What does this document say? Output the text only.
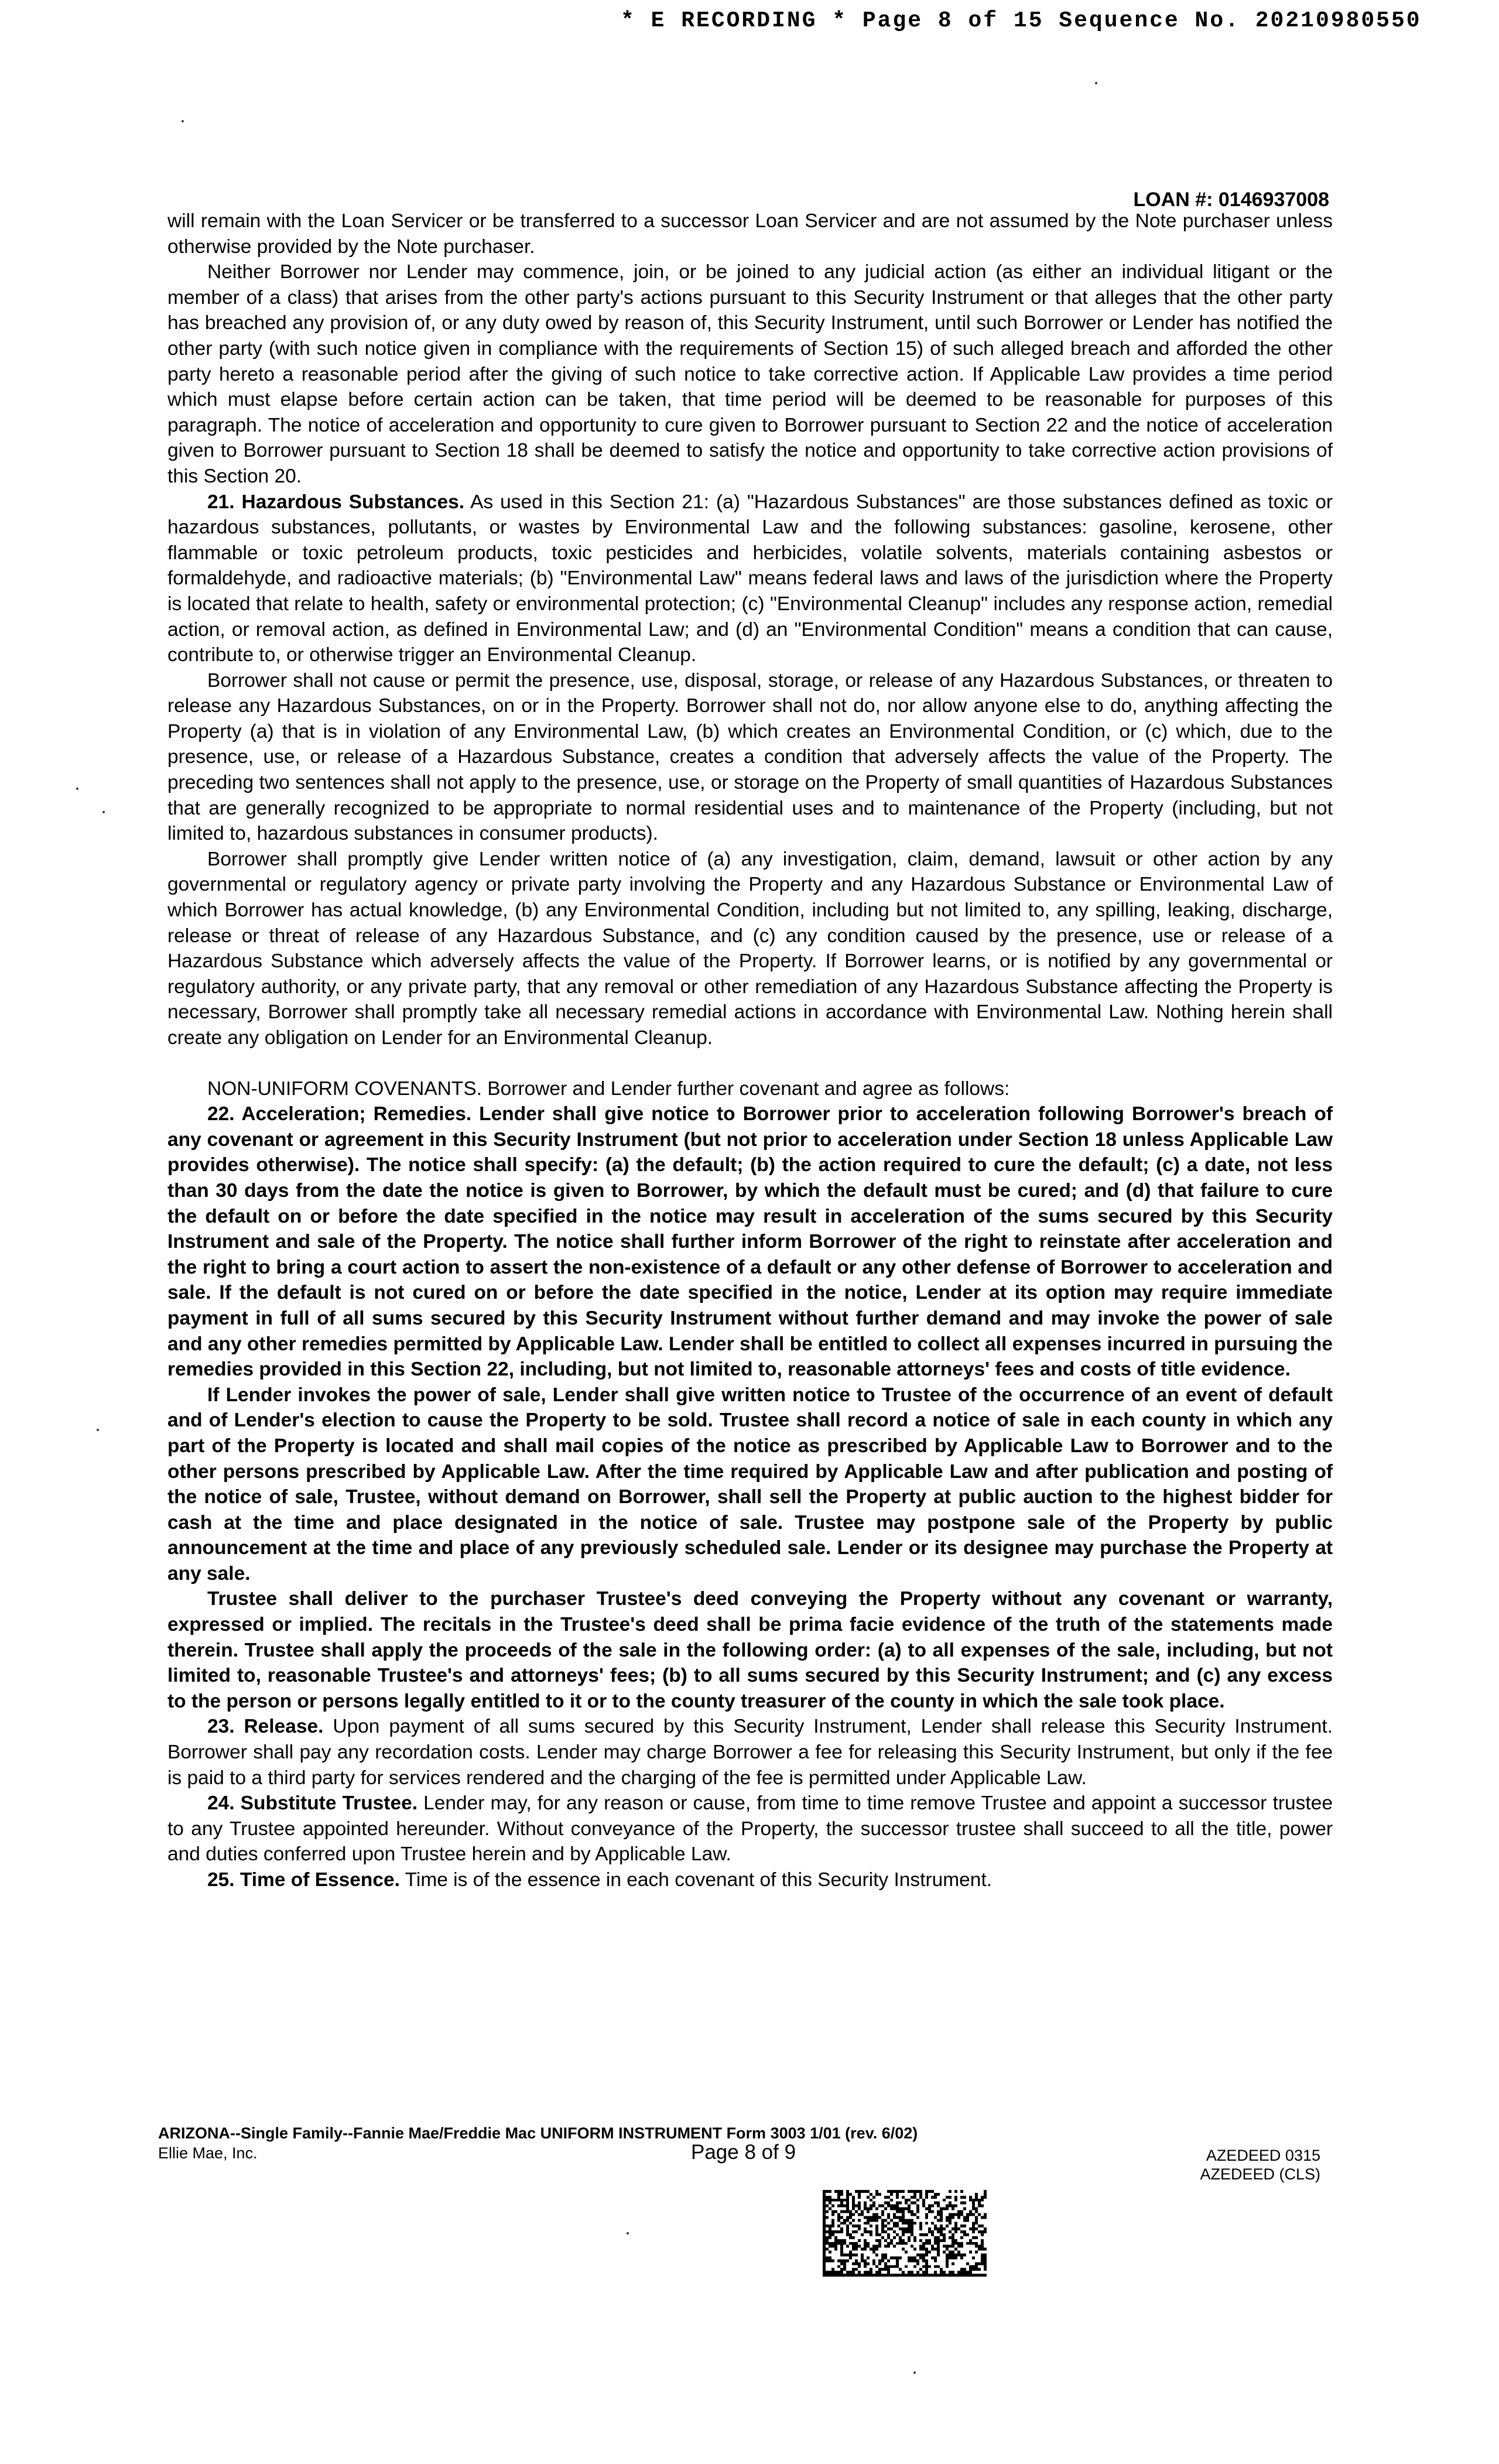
* E RECORDING * Page 8 of 15 Sequence No. 20210980550
LOAN #: 0146937008

will remain with the Loan Servicer or be transferred to a successor Loan Servicer and are not assumed by the Note purchaser unless otherwise provided by the Note purchaser.

Neither Borrower nor Lender may commence, join, or be joined to any judicial action (as either an individual litigant or the member of a class) that arises from the other party's actions pursuant to this Security Instrument or that alleges that the other party has breached any provision of, or any duty owed by reason of, this Security Instrument, until such Borrower or Lender has notified the other party (with such notice given in compliance with the requirements of Section 15) of such alleged breach and afforded the other party hereto a reasonable period after the giving of such notice to take corrective action. If Applicable Law provides a time period which must elapse before certain action can be taken, that time period will be deemed to be reasonable for purposes of this paragraph. The notice of acceleration and opportunity to cure given to Borrower pursuant to Section 22 and the notice of acceleration given to Borrower pursuant to Section 18 shall be deemed to satisfy the notice and opportunity to take corrective action provisions of this Section 20.

21. Hazardous Substances. As used in this Section 21: (a) "Hazardous Substances" are those substances defined as toxic or hazardous substances, pollutants, or wastes by Environmental Law and the following substances: gasoline, kerosene, other flammable or toxic petroleum products, toxic pesticides and herbicides, volatile solvents, materials containing asbestos or formaldehyde, and radioactive materials; (b) "Environmental Law" means federal laws and laws of the jurisdiction where the Property is located that relate to health, safety or environmental protection; (c) "Environmental Cleanup" includes any response action, remedial action, or removal action, as defined in Environmental Law; and (d) an "Environmental Condition" means a condition that can cause, contribute to, or otherwise trigger an Environmental Cleanup.

Borrower shall not cause or permit the presence, use, disposal, storage, or release of any Hazardous Substances, or threaten to release any Hazardous Substances, on or in the Property. Borrower shall not do, nor allow anyone else to do, anything affecting the Property (a) that is in violation of any Environmental Law, (b) which creates an Environmental Condition, or (c) which, due to the presence, use, or release of a Hazardous Substance, creates a condition that adversely affects the value of the Property. The preceding two sentences shall not apply to the presence, use, or storage on the Property of small quantities of Hazardous Substances that are generally recognized to be appropriate to normal residential uses and to maintenance of the Property (including, but not limited to, hazardous substances in consumer products).

Borrower shall promptly give Lender written notice of (a) any investigation, claim, demand, lawsuit or other action by any governmental or regulatory agency or private party involving the Property and any Hazardous Substance or Environmental Law of which Borrower has actual knowledge, (b) any Environmental Condition, including but not limited to, any spilling, leaking, discharge, release or threat of release of any Hazardous Substance, and (c) any condition caused by the presence, use or release of a Hazardous Substance which adversely affects the value of the Property. If Borrower learns, or is notified by any governmental or regulatory authority, or any private party, that any removal or other remediation of any Hazardous Substance affecting the Property is necessary, Borrower shall promptly take all necessary remedial actions in accordance with Environmental Law. Nothing herein shall create any obligation on Lender for an Environmental Cleanup.

NON-UNIFORM COVENANTS. Borrower and Lender further covenant and agree as follows:

22. Acceleration; Remedies. Lender shall give notice to Borrower prior to acceleration following Borrower's breach of any covenant or agreement in this Security Instrument (but not prior to acceleration under Section 18 unless Applicable Law provides otherwise). The notice shall specify: (a) the default; (b) the action required to cure the default; (c) a date, not less than 30 days from the date the notice is given to Borrower, by which the default must be cured; and (d) that failure to cure the default on or before the date specified in the notice may result in acceleration of the sums secured by this Security Instrument and sale of the Property. The notice shall further inform Borrower of the right to reinstate after acceleration and the right to bring a court action to assert the non-existence of a default or any other defense of Borrower to acceleration and sale. If the default is not cured on or before the date specified in the notice, Lender at its option may require immediate payment in full of all sums secured by this Security Instrument without further demand and may invoke the power of sale and any other remedies permitted by Applicable Law. Lender shall be entitled to collect all expenses incurred in pursuing the remedies provided in this Section 22, including, but not limited to, reasonable attorneys' fees and costs of title evidence.

If Lender invokes the power of sale, Lender shall give written notice to Trustee of the occurrence of an event of default and of Lender's election to cause the Property to be sold. Trustee shall record a notice of sale in each county in which any part of the Property is located and shall mail copies of the notice as prescribed by Applicable Law to Borrower and to the other persons prescribed by Applicable Law. After the time required by Applicable Law and after publication and posting of the notice of sale, Trustee, without demand on Borrower, shall sell the Property at public auction to the highest bidder for cash at the time and place designated in the notice of sale. Trustee may postpone sale of the Property by public announcement at the time and place of any previously scheduled sale. Lender or its designee may purchase the Property at any sale.

Trustee shall deliver to the purchaser Trustee's deed conveying the Property without any covenant or warranty, expressed or implied. The recitals in the Trustee's deed shall be prima facie evidence of the truth of the statements made therein. Trustee shall apply the proceeds of the sale in the following order: (a) to all expenses of the sale, including, but not limited to, reasonable Trustee's and attorneys' fees; (b) to all sums secured by this Security Instrument; and (c) any excess to the person or persons legally entitled to it or to the county treasurer of the county in which the sale took place.

23. Release. Upon payment of all sums secured by this Security Instrument, Lender shall release this Security Instrument. Borrower shall pay any recordation costs. Lender may charge Borrower a fee for releasing this Security Instrument, but only if the fee is paid to a third party for services rendered and the charging of the fee is permitted under Applicable Law.

24. Substitute Trustee. Lender may, for any reason or cause, from time to time remove Trustee and appoint a successor trustee to any Trustee appointed hereunder. Without conveyance of the Property, the successor trustee shall succeed to all the title, power and duties conferred upon Trustee herein and by Applicable Law.

25. Time of Essence. Time is of the essence in each covenant of this Security Instrument.

ARIZONA--Single Family--Fannie Mae/Freddie Mac UNIFORM INSTRUMENT Form 3003 1/01 (rev. 6/02)
Ellie Mae, Inc.	Page 8 of 9	AZEDEED 0315
AZEDEED (CLS)
